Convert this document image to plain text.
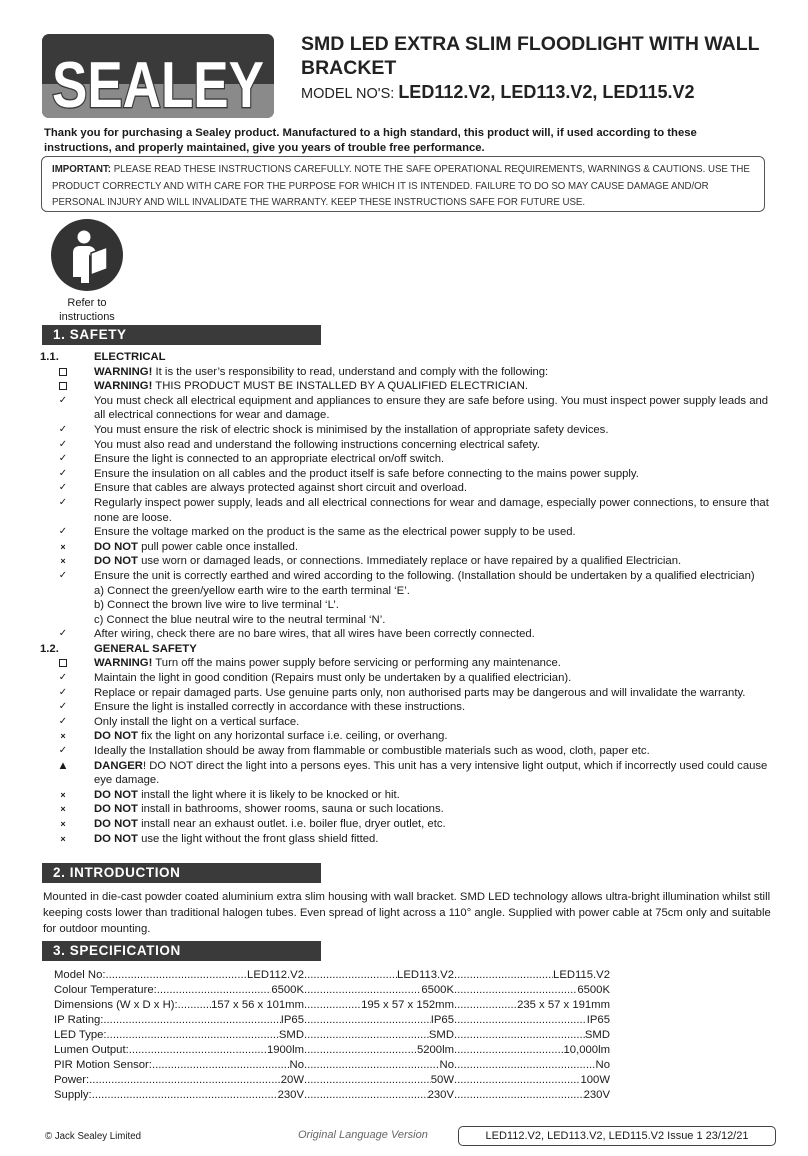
SEALEY
SMD LED EXTRA SLIM FLOODLIGHT WITH WALL BRACKET
MODEL NO'S: LED112.V2, LED113.V2, LED115.V2
Thank you for purchasing a Sealey product. Manufactured to a high standard, this product will, if used according to these instructions, and properly maintained, give you years of trouble free performance.
IMPORTANT: PLEASE READ THESE INSTRUCTIONS CAREFULLY. NOTE THE SAFE OPERATIONAL REQUIREMENTS, WARNINGS & CAUTIONS. USE THE PRODUCT CORRECTLY AND WITH CARE FOR THE PURPOSE FOR WHICH IT IS INTENDED. FAILURE TO DO SO MAY CAUSE DAMAGE AND/OR PERSONAL INJURY AND WILL INVALIDATE THE WARRANTY. KEEP THESE INSTRUCTIONS SAFE FOR FUTURE USE.
Refer to instructions
1. SAFETY
1.1.	ELECTRICAL
WARNING! It is the user’s responsibility to read, understand and comply with the following:
WARNING! THIS PRODUCT MUST BE INSTALLED BY A QUALIFIED ELECTRICIAN.
✓ You must check all electrical equipment and appliances to ensure they are safe before using. You must inspect power supply leads and all electrical connections for wear and damage.
✓ You must ensure the risk of electric shock is minimised by the installation of appropriate safety devices.
✓ You must also read and understand the following instructions concerning electrical safety.
✓ Ensure the light is connected to an appropriate electrical on/off switch.
✓ Ensure the insulation on all cables and the product itself is safe before connecting to the mains power supply.
✓ Ensure that cables are always protected against short circuit and overload.
✓ Regularly inspect power supply, leads and all electrical connections for wear and damage, especially power connections, to ensure that none are loose.
✓ Ensure the voltage marked on the product is the same as the electrical power supply to be used.
×	DO NOT pull power cable once installed.
×	DO NOT use worn or damaged leads, or connections. Immediately replace or have repaired by a qualified Electrician.
✓ Ensure the unit is correctly earthed and wired according to the following. (Installation should be undertaken by a qualified electrician)
a) Connect the green/yellow earth wire to the earth terminal ‘E’.
b) Connect the brown live wire to live terminal ‘L’.
c) Connect the blue neutral wire to the neutral terminal ‘N’.
✓ After wiring, check there are no bare wires, that all wires have been correctly connected.
1.2.	GENERAL SAFETY
WARNING! Turn off the mains power supply before servicing or performing any maintenance.
✓ Maintain the light in good condition (Repairs must only be undertaken by a qualified electrician).
✓ Replace or repair damaged parts. Use genuine parts only, non authorised parts may be dangerous and will invalidate the warranty.
✓ Ensure the light is installed correctly in accordance with these instructions.
✓ Only install the light on a vertical surface.
×	DO NOT fix the light on any horizontal surface i.e. ceiling, or overhang.
✓ Ideally the Installation should be away from flammable or combustible materials such as wood, cloth, paper etc.
▲ DANGER! DO NOT direct the light into a persons eyes. This unit has a very intensive light output, which if incorrectly used could cause eye damage.
×	DO NOT install the light where it is likely to be knocked or hit.
×	DO NOT install in bathrooms, shower rooms, sauna or such locations.
×	DO NOT install near an exhaust outlet. i.e. boiler flue, dryer outlet, etc.
×	DO NOT use the light without the front glass shield fitted.
2. INTRODUCTION
Mounted in die-cast powder coated aluminium extra slim housing with wall bracket. SMD LED technology allows ultra-bright illumination whilst still keeping costs lower than traditional halogen tubes. Even spread of light across a 110° angle. Supplied with power cable at 75cm only and suitable for outdoor mounting.
3. SPECIFICATION
Model No: .....	LED112.V2 .....	LED113.V2 .....	LED115.V2
Colour Temperature: .....	6500K .....	6500K .....	6500K
Dimensions (W x D x H): .....	157 x 56 x 101mm .....	195 x 57 x 152mm .....	235 x 57 x 191mm
IP Rating: .....	IP65 .....	IP65 .....	IP65
LED Type: .....	SMD .....	SMD .....	SMD
Lumen Output: .....	1900lm .....	5200lm .....	10,000lm
PIR Motion Sensor: .....	No .....	No .....	No
Power: .....	20W .....	50W .....	100W
Supply: .....	230V .....	230V .....	230V
© Jack Sealey Limited	Original Language Version	LED112.V2, LED113.V2, LED115.V2 Issue 1 23/12/21
